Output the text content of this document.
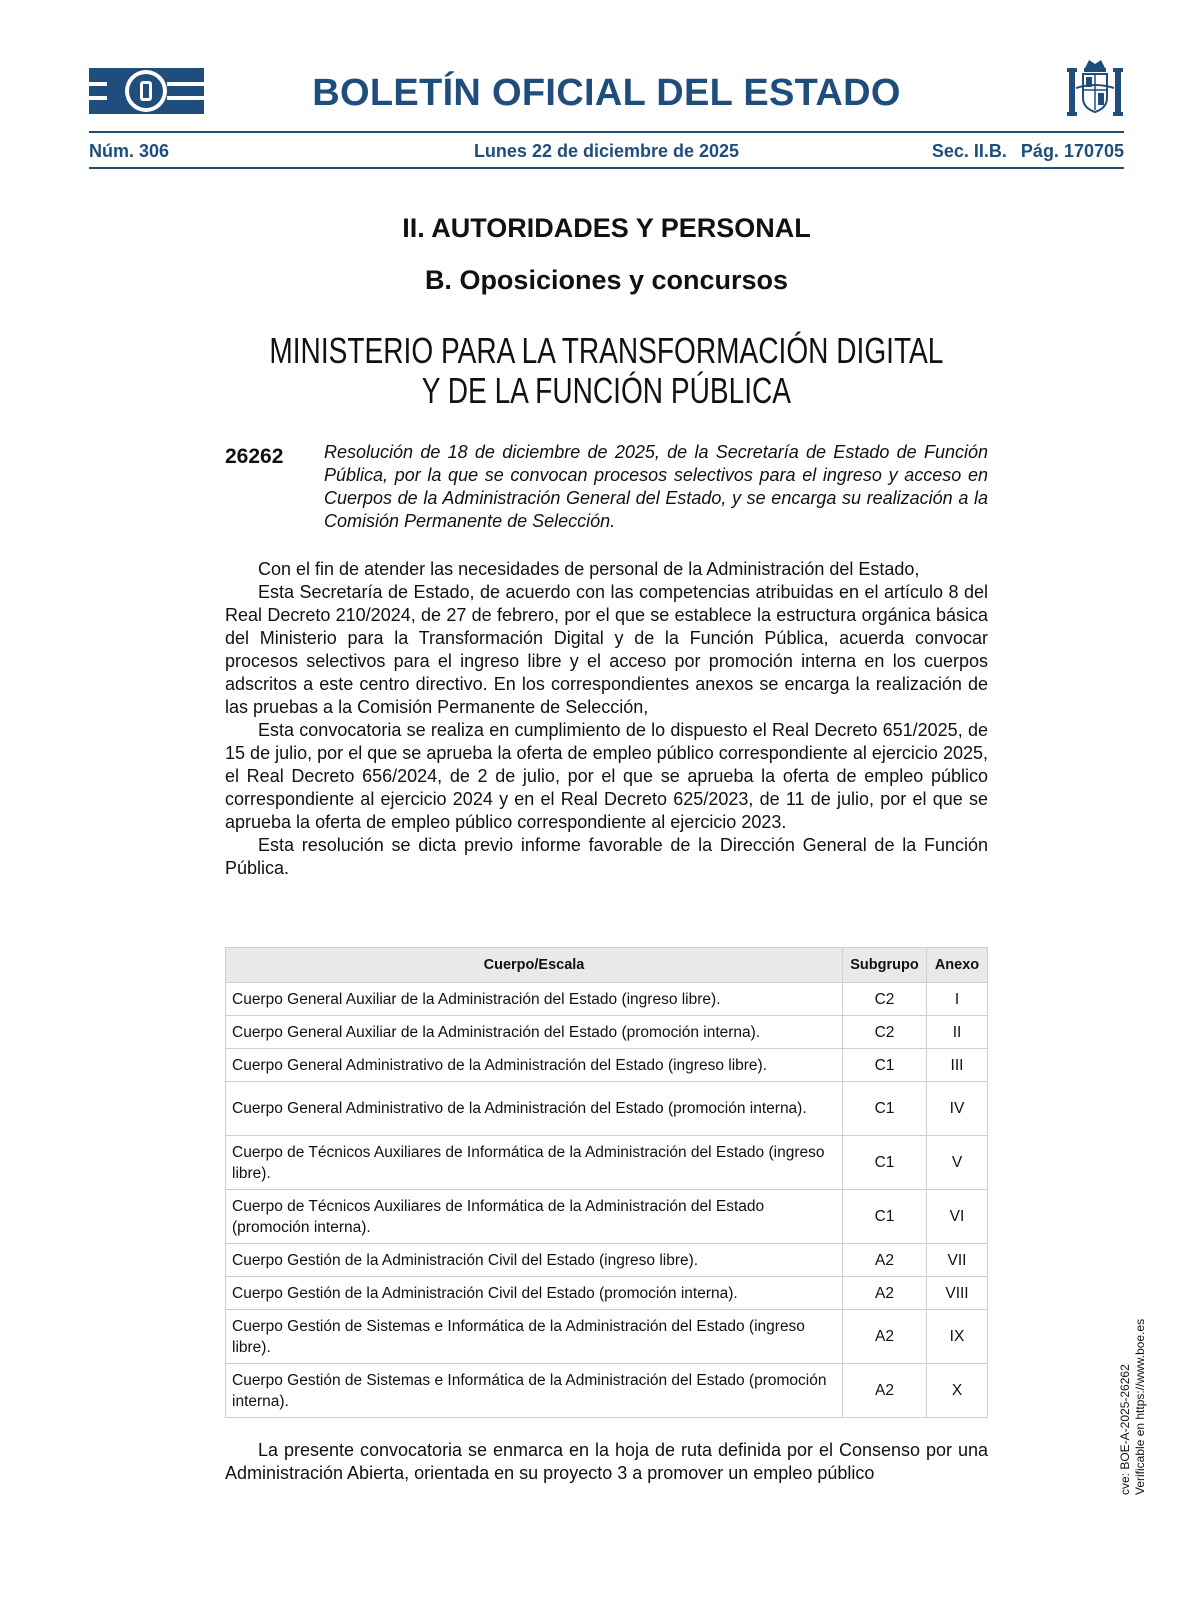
BOLETÍN OFICIAL DEL ESTADO
Núm. 306	Lunes 22 de diciembre de 2025	Sec. II.B. Pág. 170705
II. AUTORIDADES Y PERSONAL
B. Oposiciones y concursos
MINISTERIO PARA LA TRANSFORMACIÓN DIGITAL
Y DE LA FUNCIÓN PÚBLICA
26262 Resolución de 18 de diciembre de 2025, de la Secretaría de Estado de Función Pública, por la que se convocan procesos selectivos para el ingreso y acceso en Cuerpos de la Administración General del Estado, y se encarga su realización a la Comisión Permanente de Selección.

Con el fin de atender las necesidades de personal de la Administración del Estado,

Esta Secretaría de Estado, de acuerdo con las competencias atribuidas en el artículo 8 del Real Decreto 210/2024, de 27 de febrero, por el que se establece la estructura orgánica básica del Ministerio para la Transformación Digital y de la Función Pública, acuerda convocar procesos selectivos para el ingreso libre y el acceso por promoción interna en los cuerpos adscritos a este centro directivo. En los correspondientes anexos se encarga la realización de las pruebas a la Comisión Permanente de Selección,

Esta convocatoria se realiza en cumplimiento de lo dispuesto el Real Decreto 651/2025, de 15 de julio, por el que se aprueba la oferta de empleo público correspondiente al ejercicio 2025, el Real Decreto 656/2024, de 2 de julio, por el que se aprueba la oferta de empleo público correspondiente al ejercicio 2024 y en el Real Decreto 625/2023, de 11 de julio, por el que se aprueba la oferta de empleo público correspondiente al ejercicio 2023.

Esta resolución se dicta previo informe favorable de la Dirección General de la Función Pública.

Cuerpo/Escala	Subgrupo	Anexo
Cuerpo General Auxiliar de la Administración del Estado (ingreso libre).	C2	I
Cuerpo General Auxiliar de la Administración del Estado (promoción interna).	C2	II
Cuerpo General Administrativo de la Administración del Estado (ingreso libre).	C1	III
Cuerpo General Administrativo de la Administración del Estado (promoción interna).	C1	IV
Cuerpo de Técnicos Auxiliares de Informática de la Administración del Estado (ingreso libre).	C1	V
Cuerpo de Técnicos Auxiliares de Informática de la Administración del Estado (promoción interna).	C1	VI
Cuerpo Gestión de la Administración Civil del Estado (ingreso libre).	A2	VII
Cuerpo Gestión de la Administración Civil del Estado (promoción interna).	A2	VIII
Cuerpo Gestión de Sistemas e Informática de la Administración del Estado (ingreso libre).	A2	IX
Cuerpo Gestión de Sistemas e Informática de la Administración del Estado (promoción interna).	A2	X

La presente convocatoria se enmarca en la hoja de ruta definida por el Consenso por una Administración Abierta, orientada en su proyecto 3 a promover un empleo público	cve: BOE-A-2025-26262 Verificable en https://www.boe.es
